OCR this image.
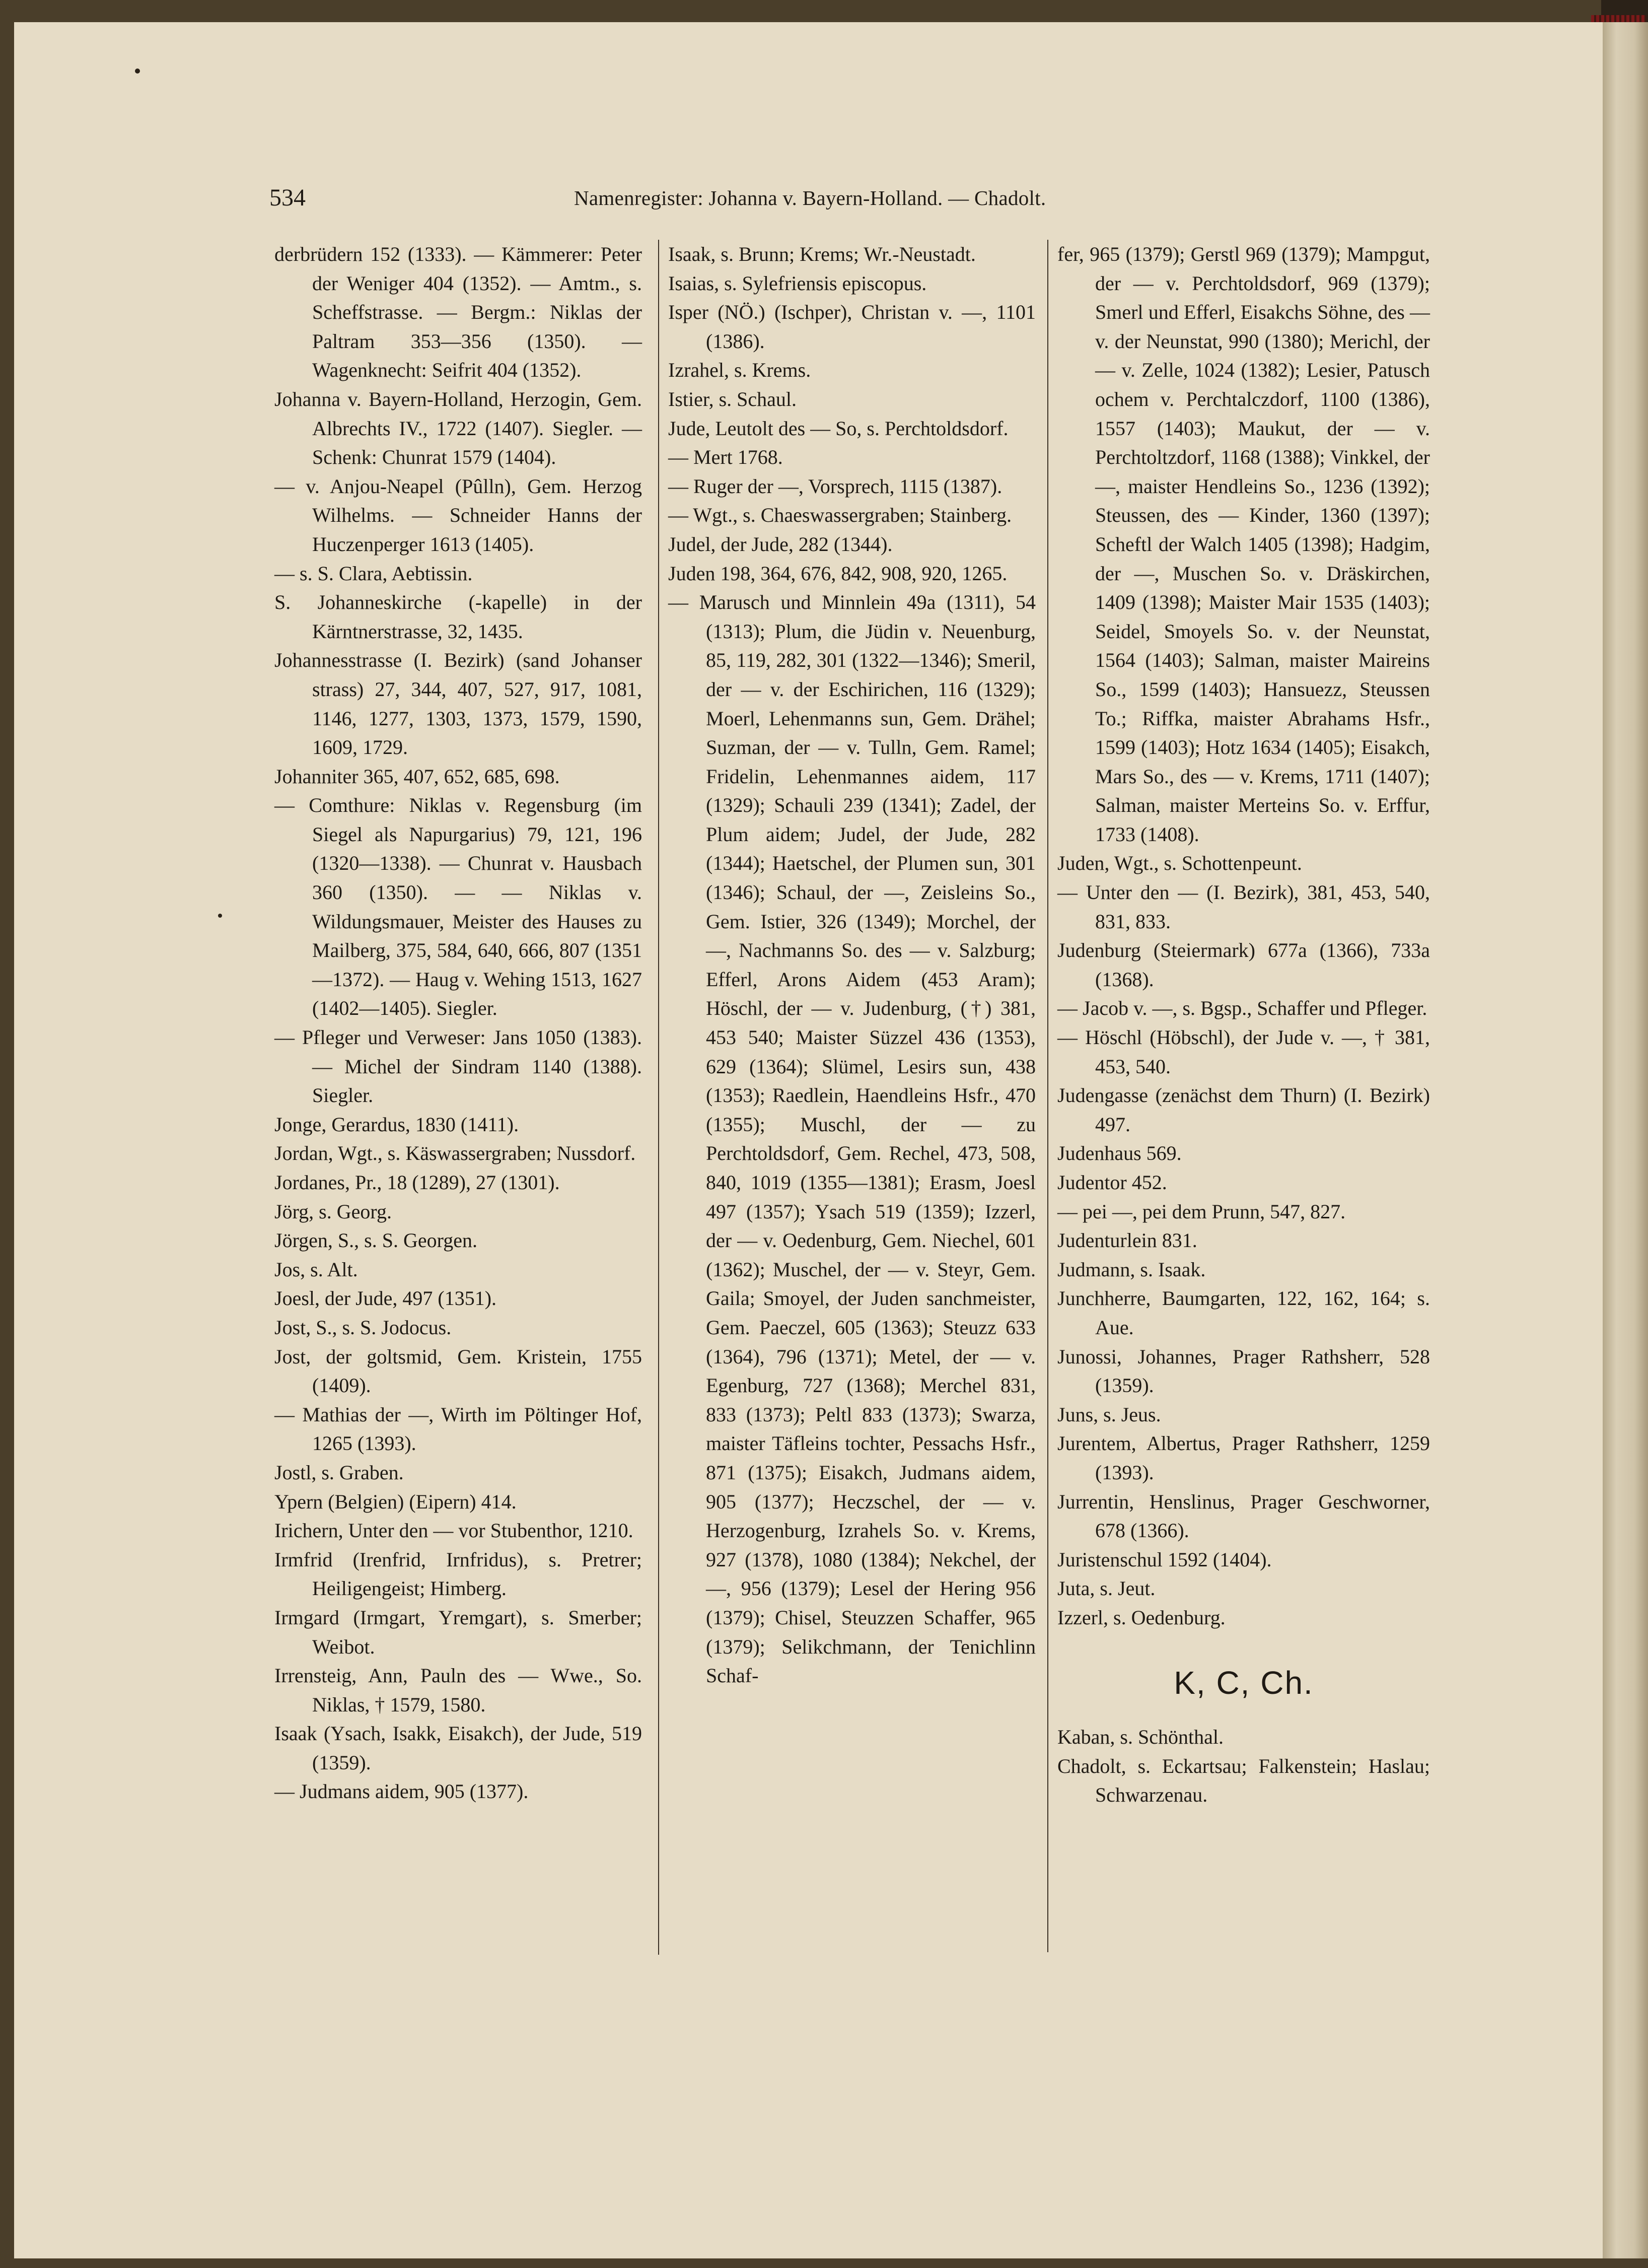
534	Namenregister: Johanna v. Bayern-Holland. — Chadolt.
derbrüdern 152 (1333). — Kämmerer: Peter der Weniger 404 (1352). — Amtm., s. Scheffstrasse. — Bergm.: Niklas der Paltram 353—356 (1350). — Wagenknecht: Seifrit 404 (1352).
Johanna v. Bayern-Holland, Herzogin, Gem. Albrechts IV., 1722 (1407). Siegler. — Schenk: Chunrat 1579 (1404).
— v. Anjou-Neapel (Pûlln), Gem. Herzog Wilhelms. — Schneider Hanns der Huczenperger 1613 (1405).
— s. S. Clara, Aebtissin.
S. Johanneskirche (-kapelle) in der Kärntnerstrasse, 32, 1435.
Johannesstrasse (I. Bezirk) (sand Johanser strass) 27, 344, 407, 527, 917, 1081, 1146, 1277, 1303, 1373, 1579, 1590, 1609, 1729.
Johanniter 365, 407, 652, 685, 698.
— Comthure: Niklas v. Regensburg (im Siegel als Napurgarius) 79, 121, 196 (1320—1338). — Chunrat v. Hausbach 360 (1350). — — Niklas v. Wildungsmauer, Meister des Hauses zu Mailberg, 375, 584, 640, 666, 807 (1351—1372). — Haug v. Wehing 1513, 1627 (1402—1405). Siegler.
— Pfleger und Verweser: Jans 1050 (1383). — Michel der Sindram 1140 (1388). Siegler.
Jonge, Gerardus, 1830 (1411).
Jordan, Wgt., s. Käswassergraben; Nussdorf.
Jordanes, Pr., 18 (1289), 27 (1301).
Jörg, s. Georg.
Jörgen, S., s. S. Georgen.
Jos, s. Alt.
Joesl, der Jude, 497 (1351).
Jost, S., s. S. Jodocus.
Jost, der goltsmid, Gem. Kristein, 1755 (1409).
— Mathias der —, Wirth im Pöltinger Hof, 1265 (1393).
Jostl, s. Graben.
Ypern (Belgien) (Eipern) 414.
Irichern, Unter den — vor Stubenthor, 1210.
Irmfrid (Irenfrid, Irnfridus), s. Pretrer; Heiligengeist; Himberg.
Irmgard (Irmgart, Yremgart), s. Smerber; Weibot.
Irrensteig, Ann, Pauln des — Wwe., So. Niklas, † 1579, 1580.
Isaak (Ysach, Isakk, Eisakch), der Jude, 519 (1359).
— Judmans aidem, 905 (1377).
Isaak, s. Brunn; Krems; Wr.-Neustadt.
Isaias, s. Sylefriensis episcopus.
Isper (NÖ.) (Ischper), Christan v. —, 1101 (1386).
Izrahel, s. Krems.
Istier, s. Schaul.
Jude, Leutolt des — So, s. Perchtoldsdorf.
— Mert 1768.
— Ruger der —, Vorsprech, 1115 (1387).
— Wgt., s. Chaeswassergraben; Stainberg.
Judel, der Jude, 282 (1344).
Juden 198, 364, 676, 842, 908, 920, 1265.
— Marusch und Minnlein 49a (1311), 54 (1313); Plum, die Jüdin v. Neuenburg, 85, 119, 282, 301 (1322—1346); Smeril, der — v. der Eschirichen, 116 (1329); Moerl, Lehenmanns sun, Gem. Drähel; Suzman, der — v. Tulln, Gem. Ramel; Fridelin, Lehenmannes aidem, 117 (1329); Schauli 239 (1341); Zadel, der Plum aidem; Judel, der Jude, 282 (1344); Haetschel, der Plumen sun, 301 (1346); Schaul, der —, Zeisleins So., Gem. Istier, 326 (1349); Morchel, der —, Nachmanns So. des — v. Salzburg; Efferl, Arons Aidem (453 Aram); Höschl, der — v. Judenburg, (†) 381, 453 540; Maister Süzzel 436 (1353), 629 (1364); Slümel, Lesirs sun, 438 (1353); Raedlein, Haendleins Hsfr., 470 (1355); Muschl, der — zu Perchtoldsdorf, Gem. Rechel, 473, 508, 840, 1019 (1355—1381); Erasm, Joesl 497 (1357); Ysach 519 (1359); Izzerl, der — v. Oedenburg, Gem. Niechel, 601 (1362); Muschel, der — v. Steyr, Gem. Gaila; Smoyel, der Juden sanchmeister, Gem. Paeczel, 605 (1363); Steuzz 633 (1364), 796 (1371); Metel, der — v. Egenburg, 727 (1368); Merchel 831, 833 (1373); Peltl 833 (1373); Swarza, maister Täfleins tochter, Pessachs Hsfr., 871 (1375); Eisakch, Judmans aidem, 905 (1377); Heczschel, der — v. Herzogenburg, Izrahels So. v. Krems, 927 (1378), 1080 (1384); Nekchel, der —, 956 (1379); Lesel der Hering 956 (1379); Chisel, Steuzzen Schaffer, 965 (1379); Selikchmann, der Tenichlinn Schaf-
fer, 965 (1379); Gerstl 969 (1379); Mampgut, der — v. Perchtoldsdorf, 969 (1379); Smerl und Efferl, Eisakchs Söhne, des — v. der Neunstat, 990 (1380); Merichl, der — v. Zelle, 1024 (1382); Lesier, Patusch ochem v. Perchtalczdorf, 1100 (1386), 1557 (1403); Maukut, der — v. Perchtoltzdorf, 1168 (1388); Vinkkel, der —, maister Hendleins So., 1236 (1392); Steussen, des — Kinder, 1360 (1397); Scheftl der Walch 1405 (1398); Hadgim, der —, Muschen So. v. Dräskirchen, 1409 (1398); Maister Mair 1535 (1403); Seidel, Smoyels So. v. der Neunstat, 1564 (1403); Salman, maister Maireins So., 1599 (1403); Hansuezz, Steussen To.; Riffka, maister Abrahams Hsfr., 1599 (1403); Hotz 1634 (1405); Eisakch, Mars So., des — v. Krems, 1711 (1407); Salman, maister Merteins So. v. Erffur, 1733 (1408).
Juden, Wgt., s. Schottenpeunt.
— Unter den — (I. Bezirk), 381, 453, 540, 831, 833.
Judenburg (Steiermark) 677a (1366), 733a (1368).
— Jacob v. —, s. Bgsp., Schaffer und Pfleger.
— Höschl (Höbschl), der Jude v. —, † 381, 453, 540.
Judengasse (zenächst dem Thurn) (I. Bezirk) 497.
Judenhaus 569.
Judentor 452.
— pei —, pei dem Prunn, 547, 827.
Judenturlein 831.
Judmann, s. Isaak.
Junchherre, Baumgarten, 122, 162, 164; s. Aue.
Junossi, Johannes, Prager Rathsherr, 528 (1359).
Juns, s. Jeus.
Jurentem, Albertus, Prager Rathsherr, 1259 (1393).
Jurrentin, Henslinus, Prager Geschworner, 678 (1366).
Juristenschul 1592 (1404).
Juta, s. Jeut.
Izzerl, s. Oedenburg.
K, C, Ch.
Kaban, s. Schönthal.
Chadolt, s. Eckartsau; Falkenstein; Haslau; Schwarzenau.
